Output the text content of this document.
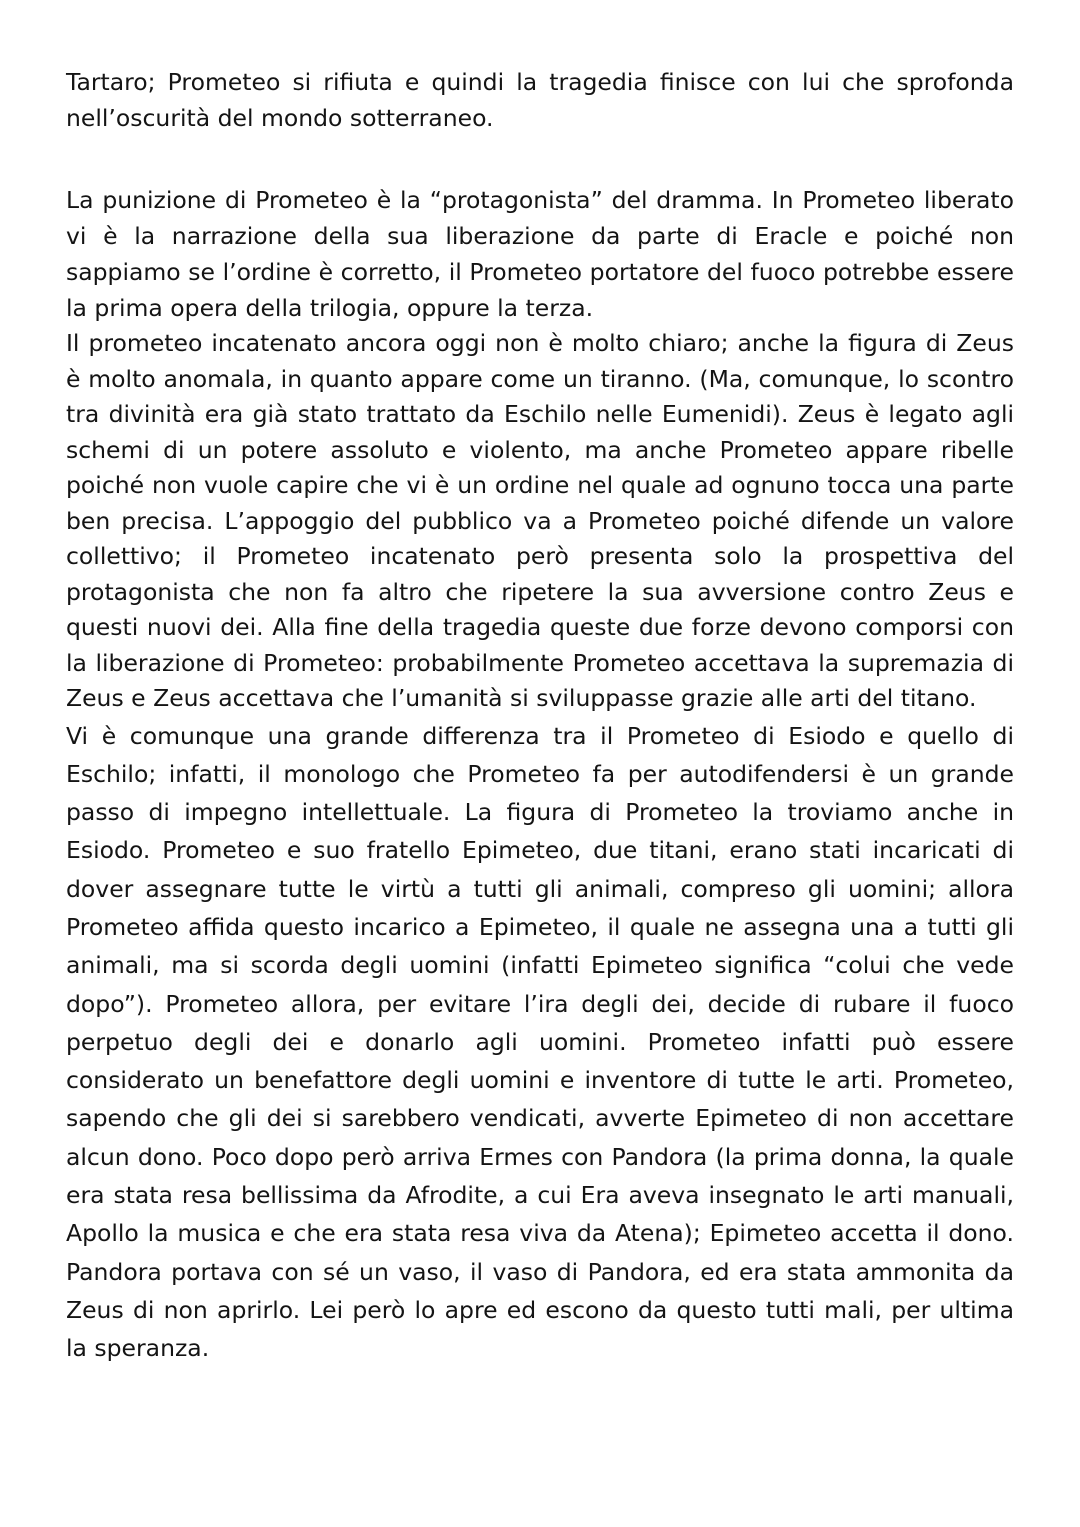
Tartaro; Prometeo si rifiuta e quindi la tragedia finisce con lui che sprofonda nell’oscurità del mondo sotterraneo.

La punizione di Prometeo è la “protagonista” del dramma. In Prometeo liberato vi è la narrazione della sua liberazione da parte di Eracle e poiché non sappiamo se l’ordine è corretto, il Prometeo portatore del fuoco potrebbe essere la prima opera della trilogia, oppure la terza.

Il prometeo incatenato ancora oggi non è molto chiaro; anche la figura di Zeus è molto anomala, in quanto appare come un tiranno. (Ma, comunque, lo scontro tra divinità era già stato trattato da Eschilo nelle Eumenidi). Zeus è legato agli schemi di un potere assoluto e violento, ma anche Prometeo appare ribelle poiché non vuole capire che vi è un ordine nel quale ad ognuno tocca una parte ben precisa. L’appoggio del pubblico va a Prometeo poiché difende un valore collettivo; il Prometeo incatenato però presenta solo la prospettiva del protagonista che non fa altro che ripetere la sua avversione contro Zeus e questi nuovi dei. Alla fine della tragedia queste due forze devono comporsi con la liberazione di Prometeo: probabilmente Prometeo accettava la supremazia di Zeus e Zeus accettava che l’umanità si sviluppasse grazie alle arti del titano.

Vi è comunque una grande differenza tra il Prometeo di Esiodo e quello di Eschilo; infatti, il monologo che Prometeo fa per autodifendersi è un grande passo di impegno intellettuale. La figura di Prometeo la troviamo anche in Esiodo. Prometeo e suo fratello Epimeteo, due titani, erano stati incaricati di dover assegnare tutte le virtù a tutti gli animali, compreso gli uomini; allora Prometeo affida questo incarico a Epimeteo, il quale ne assegna una a tutti gli animali, ma si scorda degli uomini (infatti Epimeteo significa “colui che vede dopo”). Prometeo allora, per evitare l’ira degli dei, decide di rubare il fuoco perpetuo degli dei e donarlo agli uomini. Prometeo infatti può essere considerato un benefattore degli uomini e inventore di tutte le arti. Prometeo, sapendo che gli dei si sarebbero vendicati, avverte Epimeteo di non accettare alcun dono. Poco dopo però arriva Ermes con Pandora (la prima donna, la quale era stata resa bellissima da Afrodite, a cui Era aveva insegnato le arti manuali, Apollo la musica e che era stata resa viva da Atena); Epimeteo accetta il dono. Pandora portava con sé un vaso, il vaso di Pandora, ed era stata ammonita da Zeus di non aprirlo. Lei però lo apre ed escono da questo tutti mali, per ultima la speranza.
